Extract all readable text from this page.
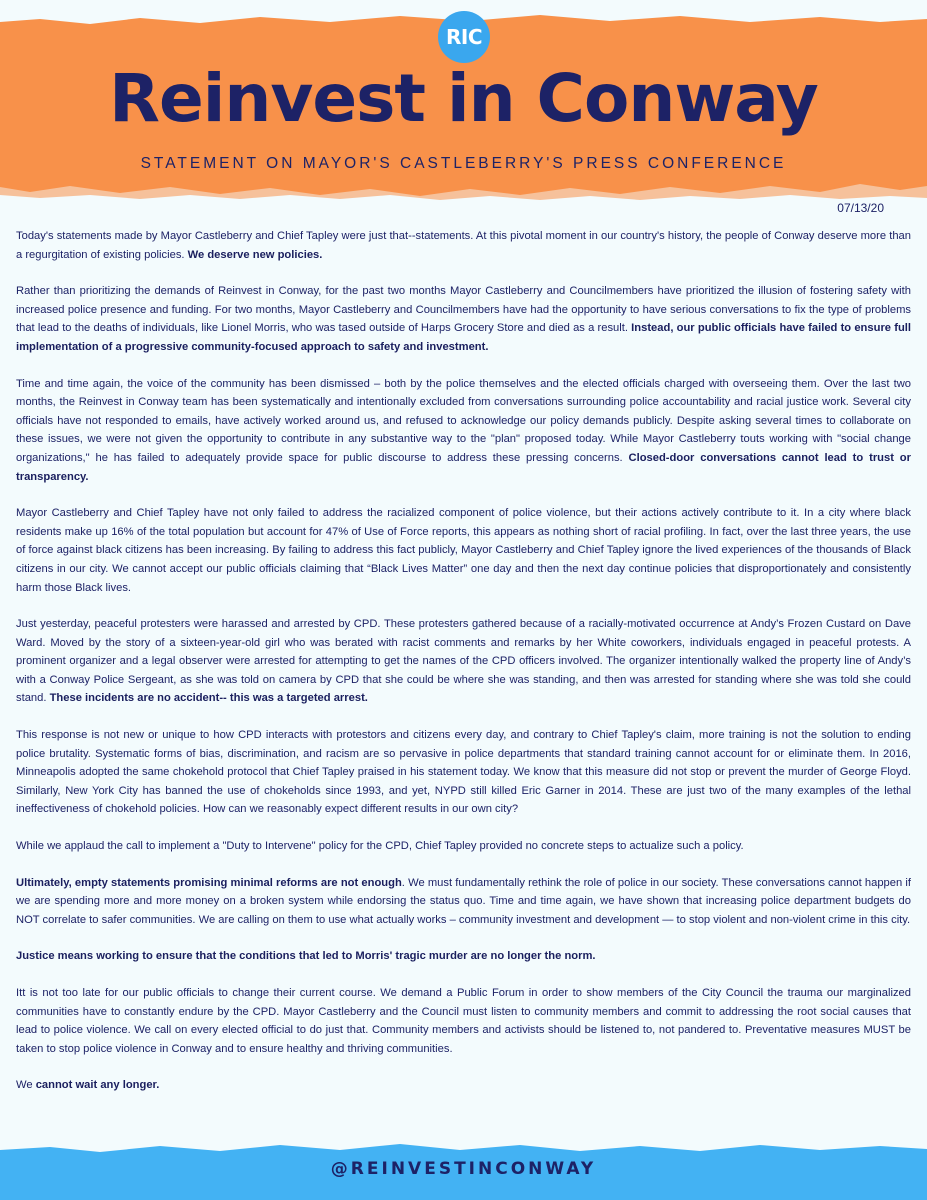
RIC
Reinvest in Conway
STATEMENT ON MAYOR'S CASTLEBERRY'S PRESS CONFERENCE
07/13/20

Today's statements made by Mayor Castleberry and Chief Tapley were just that--statements. At this pivotal moment in our country's history, the people of Conway deserve more than a regurgitation of existing policies. We deserve new policies.

Rather than prioritizing the demands of Reinvest in Conway, for the past two months Mayor Castleberry and Councilmembers have prioritized the illusion of fostering safety with increased police presence and funding. For two months, Mayor Castleberry and Councilmembers have had the opportunity to have serious conversations to fix the type of problems that lead to the deaths of individuals, like Lionel Morris, who was tased outside of Harps Grocery Store and died as a result. Instead, our public officials have failed to ensure full implementation of a progressive community-focused approach to safety and investment.

Time and time again, the voice of the community has been dismissed – both by the police themselves and the elected officials charged with overseeing them. Over the last two months, the Reinvest in Conway team has been systematically and intentionally excluded from conversations surrounding police accountability and racial justice work. Several city officials have not responded to emails, have actively worked around us, and refused to acknowledge our policy demands publicly. Despite asking several times to collaborate on these issues, we were not given the opportunity to contribute in any substantive way to the "plan" proposed today. While Mayor Castleberry touts working with "social change organizations," he has failed to adequately provide space for public discourse to address these pressing concerns. Closed-door conversations cannot lead to trust or transparency.

Mayor Castleberry and Chief Tapley have not only failed to address the racialized component of police violence, but their actions actively contribute to it. In a city where black residents make up 16% of the total population but account for 47% of Use of Force reports, this appears as nothing short of racial profiling. In fact, over the last three years, the use of force against black citizens has been increasing. By failing to address this fact publicly, Mayor Castleberry and Chief Tapley ignore the lived experiences of the thousands of Black citizens in our city. We cannot accept our public officials claiming that “Black Lives Matter” one day and then the next day continue policies that disproportionately and consistently harm those Black lives.

Just yesterday, peaceful protesters were harassed and arrested by CPD. These protesters gathered because of a racially-motivated occurrence at Andy’s Frozen Custard on Dave Ward. Moved by the story of a sixteen-year-old girl who was berated with racist comments and remarks by her White coworkers, individuals engaged in peaceful protests. A prominent organizer and a legal observer were arrested for attempting to get the names of the CPD officers involved. The organizer intentionally walked the property line of Andy’s with a Conway Police Sergeant, as she was told on camera by CPD that she could be where she was standing, and then was arrested for standing where she was told she could stand. These incidents are no accident-- this was a targeted arrest.

This response is not new or unique to how CPD interacts with protestors and citizens every day, and contrary to Chief Tapley's claim, more training is not the solution to ending police brutality. Systematic forms of bias, discrimination, and racism are so pervasive in police departments that standard training cannot account for or eliminate them. In 2016, Minneapolis adopted the same chokehold protocol that Chief Tapley praised in his statement today. We know that this measure did not stop or prevent the murder of George Floyd. Similarly, New York City has banned the use of chokeholds since 1993, and yet, NYPD still killed Eric Garner in 2014. These are just two of the many examples of the lethal ineffectiveness of chokehold policies. How can we reasonably expect different results in our own city?

While we applaud the call to implement a "Duty to Intervene" policy for the CPD, Chief Tapley provided no concrete steps to actualize such a policy.

Ultimately, empty statements promising minimal reforms are not enough. We must fundamentally rethink the role of police in our society. These conversations cannot happen if we are spending more and more money on a broken system while endorsing the status quo. Time and time again, we have shown that increasing police department budgets do NOT correlate to safer communities. We are calling on them to use what actually works – community investment and development — to stop violent and non-violent crime in this city.

Justice means working to ensure that the conditions that led to Morris' tragic murder are no longer the norm.

Itt is not too late for our public officials to change their current course. We demand a Public Forum in order to show members of the City Council the trauma our marginalized communities have to constantly endure by the CPD. Mayor Castleberry and the Council must listen to community members and commit to addressing the root social causes that lead to police violence. We call on every elected official to do just that. Community members and activists should be listened to, not pandered to. Preventative measures MUST be taken to stop police violence in Conway and to ensure healthy and thriving communities.

We cannot wait any longer.

@REINVESTINCONWAY
